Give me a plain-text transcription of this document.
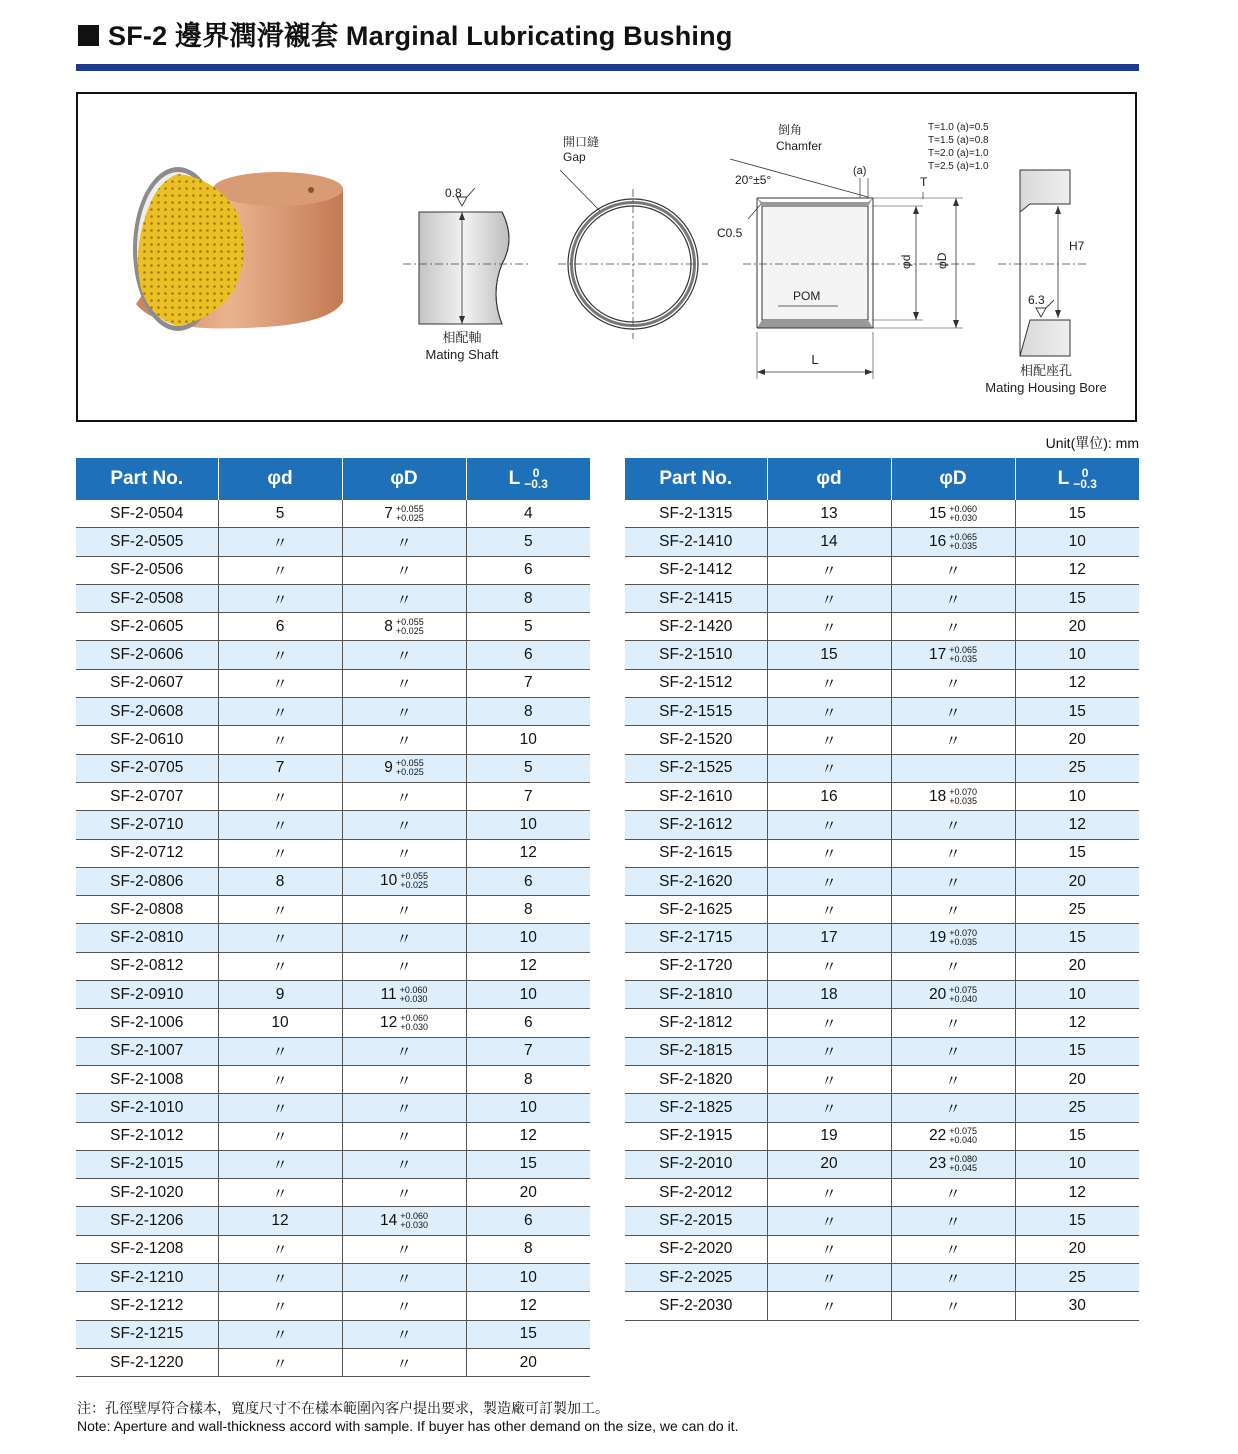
SF-2 邊界潤滑襯套 Marginal Lubricating Bushing
0.8
相配軸
Mating Shaft
開口縫
Gap
倒角
Chamfer
T=1.0 (a)=0.5
T=1.5 (a)=0.8
T=2.0 (a)=1.0
T=2.5 (a)=1.0
20°±5°
(a)
T
C0.5
POM
φd φD
L
H7
6.3
相配座孔
Mating Housing Bore
Unit(單位): mm
Part No.	φd	φD	L 0
−0.3

SF-2-0504	5	7 +0.055
+0.025	4
SF-2-0505	〃	〃	5
SF-2-0506	〃	〃	6
SF-2-0508	〃	〃	8
SF-2-0605	6	8 +0.055
+0.025	5
SF-2-0606	〃	〃	6
SF-2-0607	〃	〃	7
SF-2-0608	〃	〃	8
SF-2-0610	〃	〃	10
SF-2-0705	7	9 +0.055
+0.025	5
SF-2-0707	〃	〃	7
SF-2-0710	〃	〃	10
SF-2-0712	〃	〃	12
SF-2-0806	8	10 +0.055
+0.025	6
SF-2-0808	〃	〃	8
SF-2-0810	〃	〃	10
SF-2-0812	〃	〃	12
SF-2-0910	9	11 +0.060
+0.030	10
SF-2-1006	10	12 +0.060
+0.030	6
SF-2-1007	〃	〃	7
SF-2-1008	〃	〃	8
SF-2-1010	〃	〃	10
SF-2-1012	〃	〃	12
SF-2-1015	〃	〃	15
SF-2-1020	〃	〃	20
SF-2-1206	12	14 +0.060
+0.030	6
SF-2-1208	〃	〃	8
SF-2-1210	〃	〃	10
SF-2-1212	〃	〃	12
SF-2-1215	〃	〃	15
SF-2-1220	〃	〃	20
Part No.	φd	φD	L 0
−0.3

SF-2-1315	13	15 +0.060
+0.030	15
SF-2-1410	14	16 +0.065
+0.035	10
SF-2-1412	〃	〃	12
SF-2-1415	〃	〃	15
SF-2-1420	〃	〃	20
SF-2-1510	15	17 +0.065
+0.035	10
SF-2-1512	〃	〃	12
SF-2-1515	〃	〃	15
SF-2-1520	〃	〃	20
SF-2-1525	〃		25
SF-2-1610	16	18 +0.070
+0.035	10
SF-2-1612	〃	〃	12
SF-2-1615	〃	〃	15
SF-2-1620	〃	〃	20
SF-2-1625	〃	〃	25
SF-2-1715	17	19 +0.070
+0.035	15
SF-2-1720	〃	〃	20
SF-2-1810	18	20 +0.075
+0.040	10
SF-2-1812	〃	〃	12
SF-2-1815	〃	〃	15
SF-2-1820	〃	〃	20
SF-2-1825	〃	〃	25
SF-2-1915	19	22 +0.075
+0.040	15
SF-2-2010	20	23 +0.080
+0.045	10
SF-2-2012	〃	〃	12
SF-2-2015	〃	〃	15
SF-2-2020	〃	〃	20
SF-2-2025	〃	〃	25
SF-2-2030	〃	〃	30
注：孔徑壁厚符合樣本，寬度尺寸不在樣本範圍內客户提出要求，製造廠可訂製加工。
Note: Aperture and wall-thickness accord with sample. If buyer has other demand on the size, we can do it.
